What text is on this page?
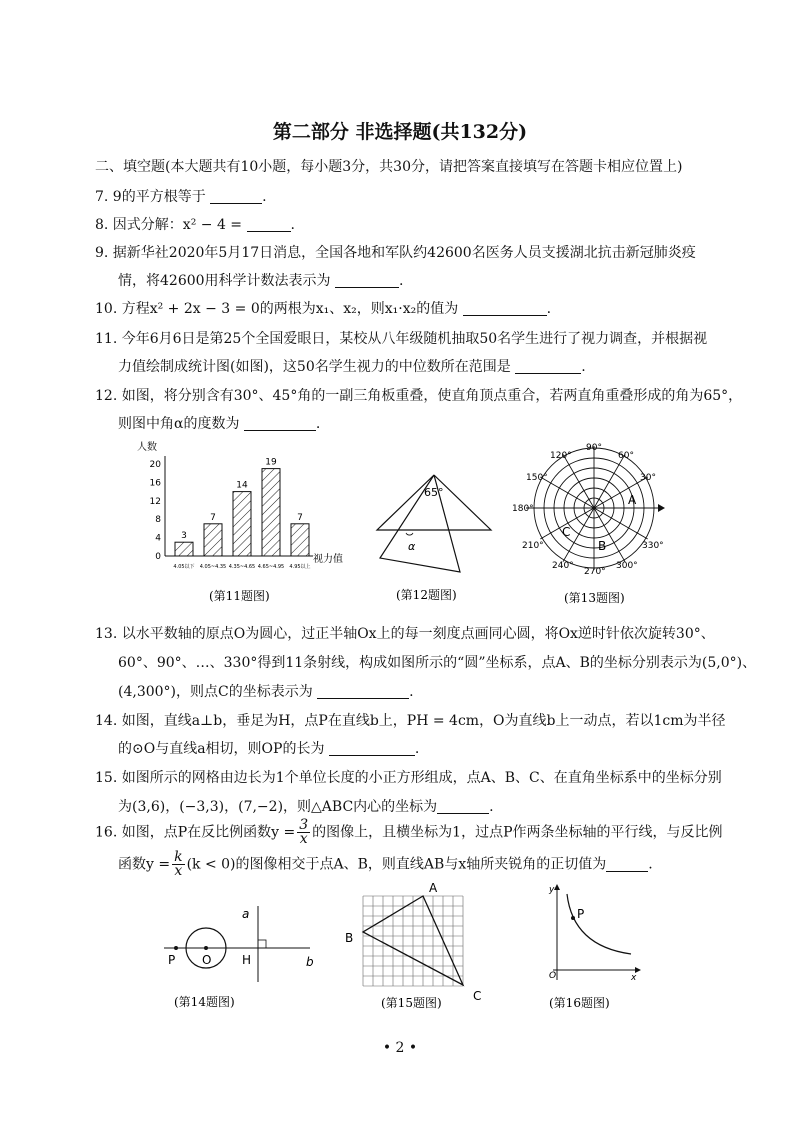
第二部分 非选择题(共132分)
二、填空题(本大题共有10小题，每小题3分，共30分，请把答案直接填写在答题卡相应位置上)
7. 9的平方根等于	.
8. 因式分解：x² − 4 =	.
9. 据新华社2020年5月17日消息，全国各地和军队约42600名医务人员支援湖北抗击新冠肺炎疫
情，将42600用科学计数法表示为	.
10. 方程x² + 2x − 3 = 0的两根为x₁、x₂，则x₁·x₂的值为	.
11. 今年6月6日是第25个全国爱眼日，某校从八年级随机抽取50名学生进行了视力调查，并根据视
力值绘制成统计图(如图)，这50名学生视力的中位数所在范围是	.
12. 如图，将分别含有30°、45°角的一副三角板重叠，使直角顶点重合，若两直角重叠形成的角为65°，
则图中角α的度数为	.
人数
0
4
8
12
16
20
3
4.05以下
7
4.05~4.35
14
4.35~4.65
19
4.65~4.95
7
4.95以上
视力值
(第11题图)
65°
α
(第12题图)
90°
60°
120°
150°	30°
180°
210°	330°
240°
270°
300°
A
B
C
(第13题图)
13. 以水平数轴的原点O为圆心，过正半轴Ox上的每一刻度点画同心圆，将Ox逆时针依次旋转30°、
60°、90°、…、330°得到11条射线，构成如图所示的“圆”坐标系，点A、B的坐标分别表示为(5,0°)、
(4,300°)，则点C的坐标表示为	.
14. 如图，直线a⊥b，垂足为H，点P在直线b上，PH = 4cm，O为直线b上一动点，若以1cm为半径
的⊙O与直线a相切，则OP的长为	.
15. 如图所示的网格由边长为1个单位长度的小正方形组成，点A、B、C、在直角坐标系中的坐标分别
为(3,6)，(−3,3)，(7,−2)，则△ABC内心的坐标为	.
16. 如图，点P在反比例函数$y = \frac{3}{x}$ 的图像上，且横坐标为1，过点P作两条坐标轴的平行线，与反比例
函数$y = \frac{k}{x} (k < 0)$的图像相交于点A、B，则直线AB与x轴所夹锐角的正切值为	.
a
b
P O	H
(第14题图)
A
B
C
(第15题图)
y
x
O
P
(第16题图)
• 2 •
